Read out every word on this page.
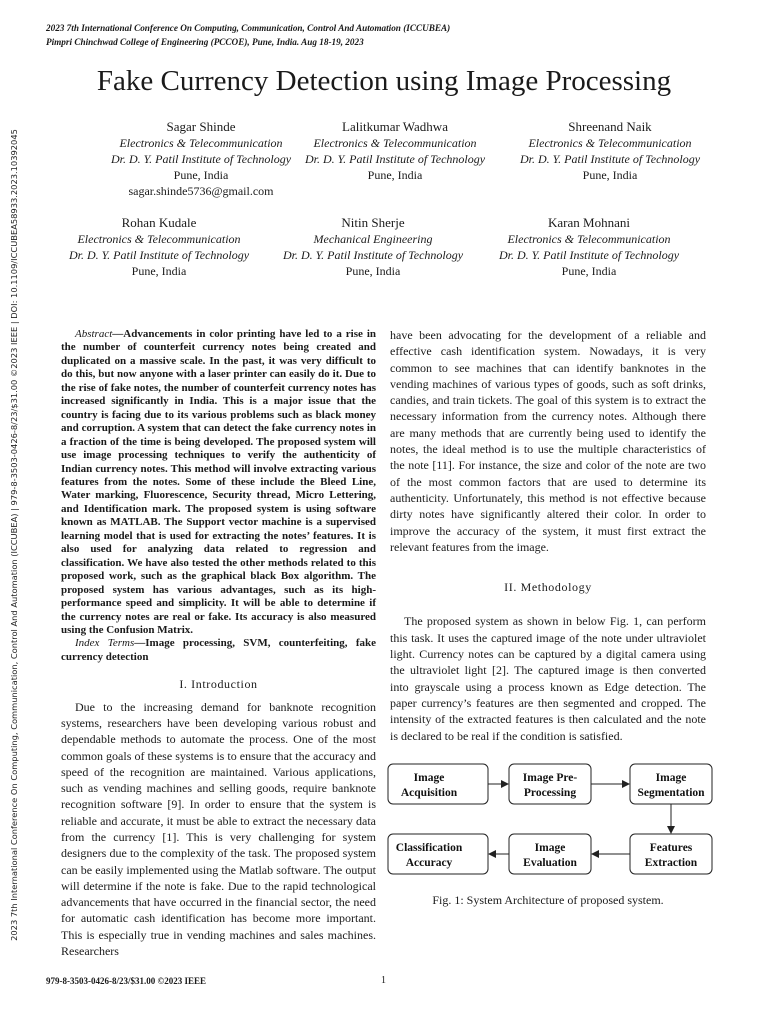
2023 7th International Conference On Computing, Communication, Control And Automation (ICCUBEA)
Pimpri Chinchwad College of Engineering (PCCOE), Pune, India. Aug 18-19, 2023
Fake Currency Detection using Image Processing
Sagar Shinde
Electronics & Telecommunication
Dr. D. Y. Patil Institute of Technology
Pune, India
sagar.shinde5736@gmail.com
Lalitkumar Wadhwa
Electronics & Telecommunication
Dr. D. Y. Patil Institute of Technology
Pune, India
Shreenand Naik
Electronics & Telecommunication
Dr. D. Y. Patil Institute of Technology
Pune, India
Rohan Kudale
Electronics & Telecommunication
Dr. D. Y. Patil Institute of Technology
Pune, India
Nitin Sherje
Mechanical Engineering
Dr. D. Y. Patil Institute of Technology
Pune, India
Karan Mohnani
Electronics & Telecommunication
Dr. D. Y. Patil Institute of Technology
Pune, India
2023 7th International Conference On Computing, Communication, Control And Automation (ICCUBEA) | 979-8-3503-0426-8/23/$31.00 ©2023 IEEE | DOI: 10.1109/ICCUBEA58933.2023.10392045	Abstract—Advancements in color printing have led to a rise in the number of counterfeit currency notes being created and duplicated on a massive scale. In the past, it was very difficult to do this, but now anyone with a laser printer can easily do it. Due to the rise of fake notes, the number of counterfeit currency notes has increased significantly in India. This is a major issue that the country is facing due to its various problems such as black money and corruption. A system that can detect the fake currency notes in a fraction of the time is being developed. The proposed system will use image processing techniques to verify the authenticity of Indian currency notes. This method will involve extracting various features from the notes. Some of these include the Bleed Line, Water marking, Fluorescence, Security thread, Micro Lettering, and Identification mark. The proposed system is using software known as MATLAB. The Support vector machine is a supervised learning model that is used for extracting the notes’ features. It is also used for analyzing data related to regression and classification. We have also tested the other methods related to this proposed work, such as the graphical black Box algorithm. The proposed system has various advantages, such as its high-performance speed and simplicity. It will be able to determine if the currency notes are real or fake. Its accuracy is also measured using the Confusion Matrix.

Index Terms—Image processing, SVM, counterfeiting, fake currency detection

I. Introduction

Due to the increasing demand for banknote recognition systems, researchers have been developing various robust and dependable methods to automate the process. One of the most common goals of these systems is to ensure that the accuracy and speed of the recognition are maintained. Various applications, such as vending machines and selling goods, require banknote recognition software [9]. In order to ensure that the system is reliable and accurate, it must be able to extract the necessary data from the currency [1]. This is very challenging for system designers due to the complexity of the task. The proposed system can be easily implemented using the Matlab software. The output will determine if the note is fake. Due to the rapid technological advancements that have occurred in the financial sector, the need for automatic cash identification has become more important. This is especially true in vending machines and sales machines. Researchers

have been advocating for the development of a reliable and effective cash identification system. Nowadays, it is very common to see machines that can identify banknotes in the vending machines of various types of goods, such as soft drinks, candies, and train tickets. The goal of this system is to extract the necessary information from the currency notes. Although there are many methods that are currently being used to identify the notes, the ideal method is to use the multiple characteristics of the note [11]. For instance, the size and color of the note are two of the most common factors that are used to determine its authenticity. Unfortunately, this method is not effective because dirty notes have significantly altered their color. In order to improve the accuracy of the system, it must first extract the relevant features from the image.

II. Methodology

The proposed system as shown in below Fig. 1, can perform this task. It uses the captured image of the note under ultraviolet light. Currency notes can be captured by a digital camera using the ultraviolet light [2]. The captured image is then converted into grayscale using a process known as Edge detection. The paper currency’s features are then segmented and cropped. The intensity of the extracted features is then calculated and the note is declared to be real if the condition is satisfied.

Image
Acquisition
Image Pre-
Processing
Image
Segmentation
Features
Extraction
Image
Evaluation
Classification
Accuracy
Fig. 1: System Architecture of proposed system.
979-8-3503-0426-8/23/$31.00 ©2023 IEEE	1
